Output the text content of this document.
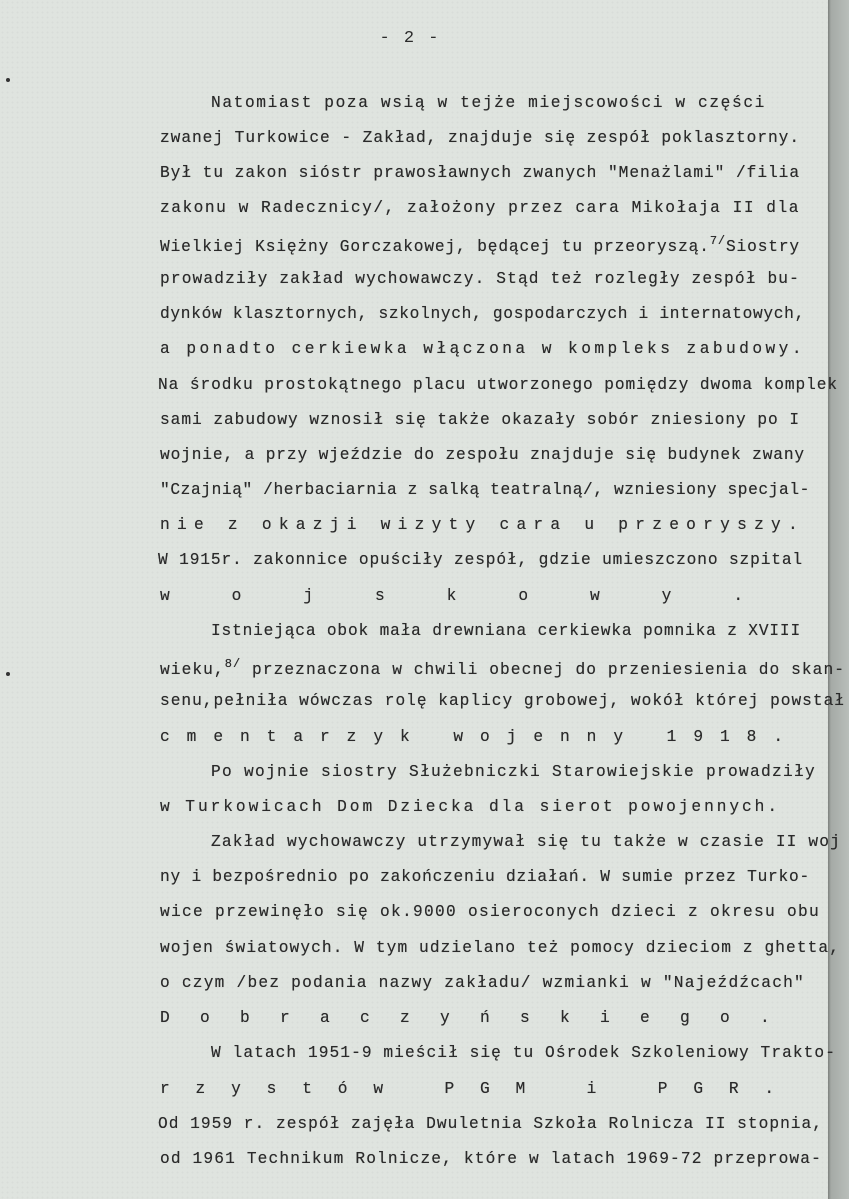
- 2 -
Natomiast poza wsią w tejże miejscowości w części
zwanej Turkowice - Zakład, znajduje się zespół poklasztorny.
Był tu zakon sióstr prawosławnych zwanych "Menażlami" /filia
zakonu w Radecznicy/, założony przez cara Mikołaja II dla
Wielkiej Księżny Gorczakowej, będącej tu przeoryszą.$^{7/}$Siostry
prowadziły zakład wychowawczy. Stąd też rozległy zespół bu-
dynków klasztornych, szkolnych, gospodarczych i internatowych,
a ponadto cerkiewka włączona w kompleks zabudowy.
Na środku prostokątnego placu utworzonego pomiędzy dwoma komplek
sami zabudowy wznosił się także okazały sobór zniesiony po I
wojnie, a przy wjeździe do zespołu znajduje się budynek zwany
"Czajnią" /herbaciarnia z salką teatralną/, wzniesiony specjal-
nie z okazji wizyty cara u przeoryszy.
W 1915r. zakonnice opuściły zespół, gdzie umieszczono szpital
wojskowy.
Istniejąca obok mała drewniana cerkiewka pomnika z XVIII
wieku,$^{8/}$ przeznaczona w chwili obecnej do przeniesienia do skan-
senu,pełniła wówczas rolę kaplicy grobowej, wokół której powstał
cmentarzyk wojenny 1918.
Po wojnie siostry Służebniczki Starowiejskie prowadziły
w Turkowicach Dom Dziecka dla sierot powojennych.
Zakład wychowawczy utrzymywał się tu także w czasie II woj
ny i bezpośrednio po zakończeniu działań. W sumie przez Turko-
wice przewinęło się ok.9000 osieroconych dzieci z okresu obu
wojen światowych. W tym udzielano też pomocy dzieciom z ghetta,
o czym /bez podania nazwy zakładu/ wzmianki w "Najeźdźcach"
Dobraczyńskiego.
W latach 1951-9 mieścił się tu Ośrodek Szkoleniowy Trakto-
rzystów PGM i PGR.
Od 1959 r. zespół zajęła Dwuletnia Szkoła Rolnicza II stopnia,
od 1961 Technikum Rolnicze, które w latach 1969-72 przeprowa-
